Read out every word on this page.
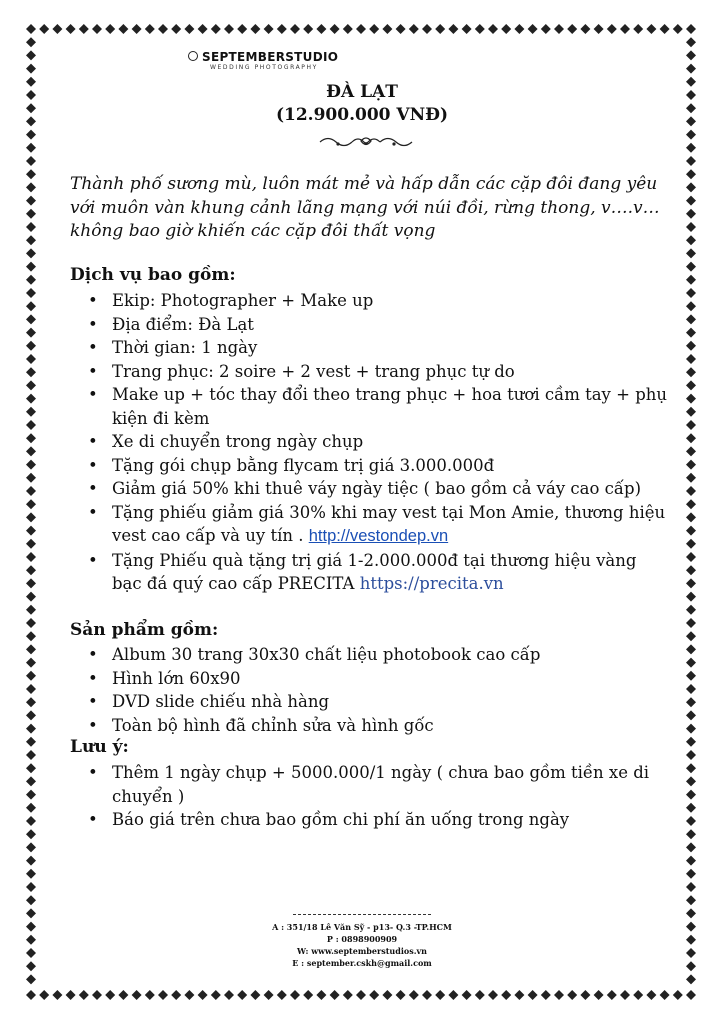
SEPTEMBERSTUDIO
WEDDING PHOTOGRAPHY
ĐÀ LẠT
(12.900.000 VNĐ)
Thành phố sương mù, luôn mát mẻ và hấp dẫn các cặp đôi đang yêu với muôn vàn khung cảnh lãng mạng với núi đồi, rừng thong, v….v… không bao giờ khiến các cặp đôi thất vọng
Dịch vụ bao gồm:
• Ekip: Photographer + Make up
• Địa điểm: Đà Lạt
• Thời gian: 1 ngày
• Trang phục: 2 soire + 2 vest + trang phục tự do
• Make up + tóc thay đổi theo trang phục + hoa tươi cầm tay + phụ kiện đi kèm
• Xe di chuyển trong ngày chụp
• Tặng gói chụp bằng flycam trị giá 3.000.000đ
• Giảm giá 50% khi thuê váy ngày tiệc ( bao gồm cả váy cao cấp)
• Tặng phiếu giảm giá 30% khi may vest tại Mon Amie, thương hiệu vest cao cấp và uy tín . http://vestondep.vn
• Tặng Phiếu quà tặng trị giá 1-2.000.000đ tại thương hiệu vàng bạc đá quý cao cấp PRECITA https://precita.vn
Sản phẩm gồm:
• Album 30 trang 30x30 chất liệu photobook cao cấp
• Hình lớn 60x90
• DVD slide chiếu nhà hàng
• Toàn bộ hình đã chỉnh sửa và hình gốc
Lưu ý:
• Thêm 1 ngày chụp + 5000.000/1 ngày ( chưa bao gồm tiền xe di chuyển )
• Báo giá trên chưa bao gồm chi phí ăn uống trong ngày
A : 351/18 Lê Văn Sỹ - p13- Q.3 -TP.HCM
P : 0898900909
W: www.septemberstudios.vn
E : september.cskh@gmail.com
